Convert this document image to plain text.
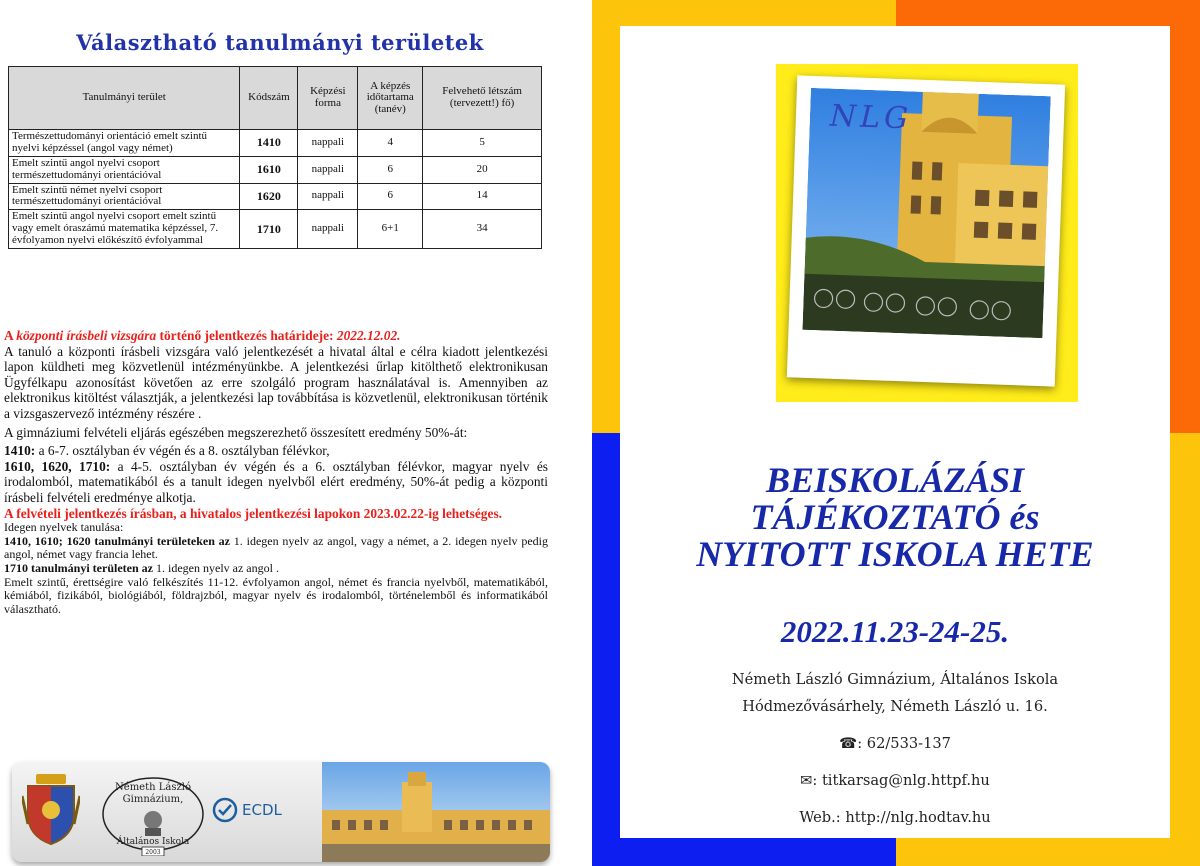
Választható tanulmányi területek
Tanulmányi terület	Kódszám	Képzési forma	A képzés időtartama (tanév)	Felvehető létszám (tervezett!) fő)
Természettudományi orientáció emelt szintű nyelvi képzéssel (angol vagy német)	1410	nappali	4	5
Emelt szintű angol nyelvi csoport természettudományi orientációval	1610	nappali	6	20
Emelt szintű német nyelvi csoport természettudományi orientációval	1620	nappali	6	14
Emelt szintű angol nyelvi csoport emelt szintű vagy emelt óraszámú matematika képzéssel, 7. évfolyamon nyelvi előkészítő évfolyammal	1710	nappali	6+1	34

A központi írásbeli vizsgára történő jelentkezés határideje: 2022.12.02.

A tanuló a központi írásbeli vizsgára való jelentkezését a hivatal által e célra kiadott jelentkezési lapon küldheti meg közvetlenül intézményünkbe. A jelentkezési űrlap kitölthető elektronikusan Ügyfélkapu azonosítást követően az erre szolgáló program használatával is. Amennyiben az elektronikus kitöltést választják, a jelentkezési lap továbbítása is közvetlenül, elektronikusan történik a vizsgaszervező intézmény részére .

A gimnáziumi felvételi eljárás egészében megszerezhető összesített eredmény 50%-át:

1410: a 6-7. osztályban év végén és a 8. osztályban félévkor,

1610, 1620, 1710: a 4-5. osztályban év végén és a 6. osztályban félévkor, magyar nyelv és irodalomból, matematikából és a tanult idegen nyelvből elért eredmény, 50%-át pedig a központi írásbeli felvételi eredménye alkotja.

A felvételi jelentkezés írásban, a hivatalos jelentkezési lapokon 2023.02.22-ig lehetséges.

Idegen nyelvek tanulása:

1410, 1610; 1620 tanulmányi területeken az 1. idegen nyelv az angol, vagy a német, a 2. idegen nyelv pedig angol, német vagy francia lehet.

1710 tanulmányi területen az 1. idegen nyelv az angol .

Emelt szintű, érettségire való felkészítés 11-12. évfolyamon angol, német és francia nyelvből, matematikából, kémiából, fizikából, biológiából, földrajzból, magyar nyelv és irodalomból, történelemből és informatikából választható.

Németh László
Gimnázium,
Általános Iskola
2003
ECDL
NLG
BEISKOLÁZÁSI
TÁJÉKOZTATÓ és
NYITOTT ISKOLA HETE
2022.11.23-24-25.
Németh László Gimnázium, Általános Iskola
Hódmezővásárhely, Németh László u. 16.
☎: 62/533-137
✉: titkarsag@nlg.httpf.hu
Web.: http://nlg.hodtav.hu
